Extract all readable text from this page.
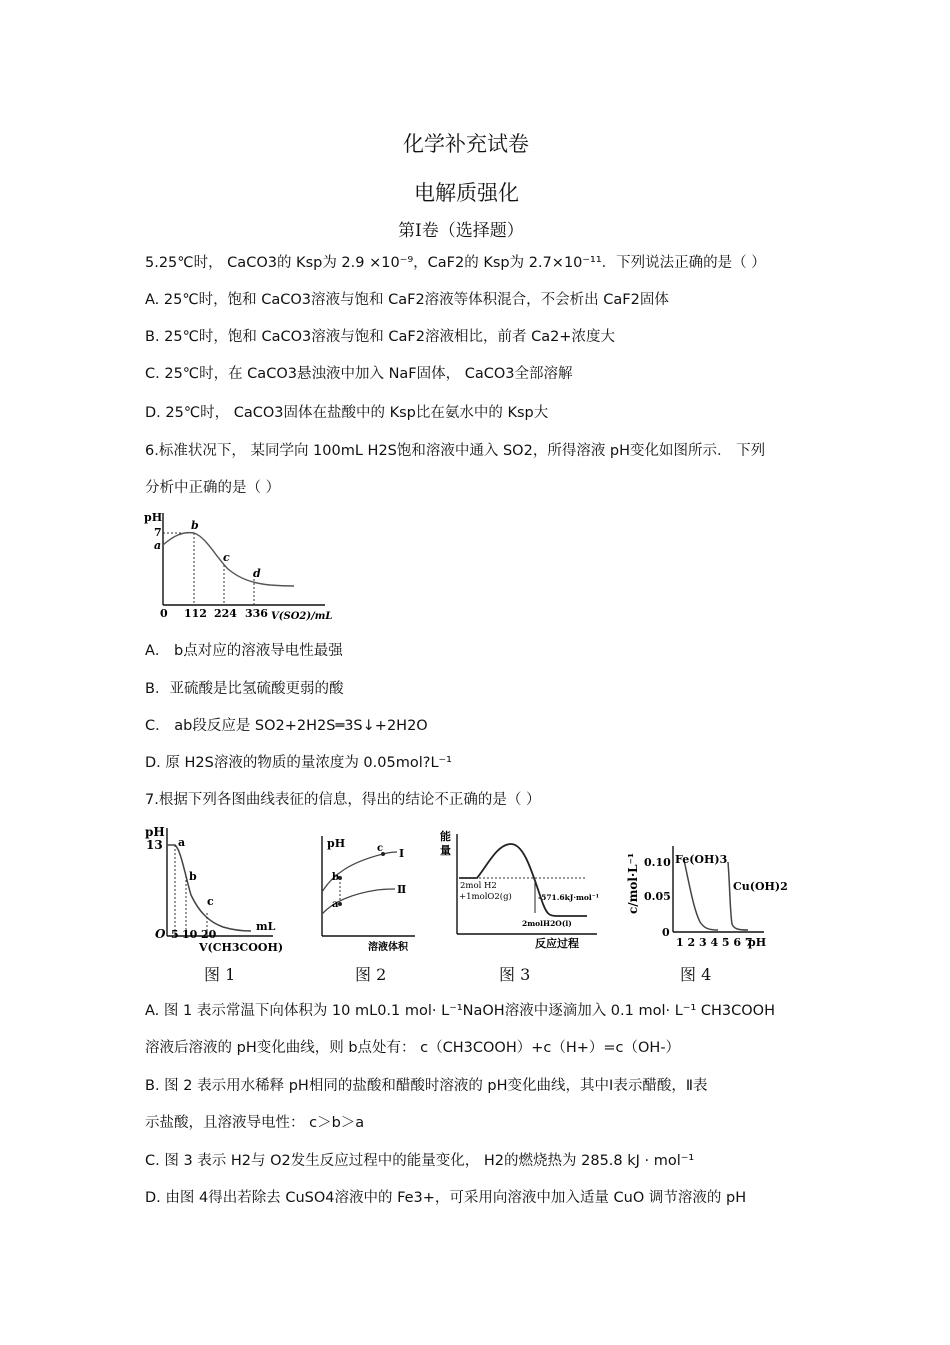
化学补充试卷
电解质强化
第Ⅰ卷（选择题）
5.25℃时， CaCO3的 Ksp为 2.9 ×10⁻⁹，CaF2的 Ksp为 2.7×10⁻¹¹．下列说法正确的是（ ）
A. 25℃时，饱和 CaCO3溶液与饱和 CaF2溶液等体积混合，不会析出 CaF2固体
B. 25℃时，饱和 CaCO3溶液与饱和 CaF2溶液相比，前者 Ca2+浓度大
C. 25℃时，在 CaCO3悬浊液中加入 NaF固体， CaCO3全部溶解
D. 25℃时， CaCO3固体在盐酸中的 Ksp比在氨水中的 Ksp大
6.标准状况下， 某同学向 100mL H2S饱和溶液中通入 SO2，所得溶液 pH变化如图所示． 下列
分析中正确的是（ ）
pH
7
a
b
c
d
0 112 224 336 V(SO2)/mL
A． b点对应的溶液导电性最强
B．亚硫酸是比氢硫酸更弱的酸
C． ab段反应是 SO2+2H2S═3S↓+2H2O
D. 原 H2S溶液的物质的量浓度为 0.05mol?L⁻¹
7.根据下列各图曲线表征的信息，得出的结论不正确的是（ ）
pH
13 a
b
c
O 5 10 20
mL
V(CH3COOH)
图 1
pH
b
a
c Ⅰ
Ⅱ
溶液体积
图 2
能
量
2mol H2
+1molO2(g)	-571.6kJ·mol⁻¹
2molH2O(l)
反应过程
图 3
c/mol·L⁻¹ 0.10
0.05
0
Fe(OH)3
Cu(OH)2
1 2 3 4 5 6 7
pH
图 4
A. 图 1 表示常温下向体积为 10 mL0.1 mol· L⁻¹NaOH溶液中逐滴加入 0.1 mol· L⁻¹ CH3COOH
溶液后溶液的 pH变化曲线，则 b点处有： c（CH3COOH）+c（H+）=c（OH-）
B. 图 2 表示用水稀释 pH相同的盐酸和醋酸时溶液的 pH变化曲线，其中Ⅰ表示醋酸，Ⅱ表
示盐酸，且溶液导电性： c＞b＞a
C. 图 3 表示 H2与 O2发生反应过程中的能量变化， H2的燃烧热为 285.8 kJ · mol⁻¹
D. 由图 4得出若除去 CuSO4溶液中的 Fe3+，可采用向溶液中加入适量 CuO 调节溶液的 pH
